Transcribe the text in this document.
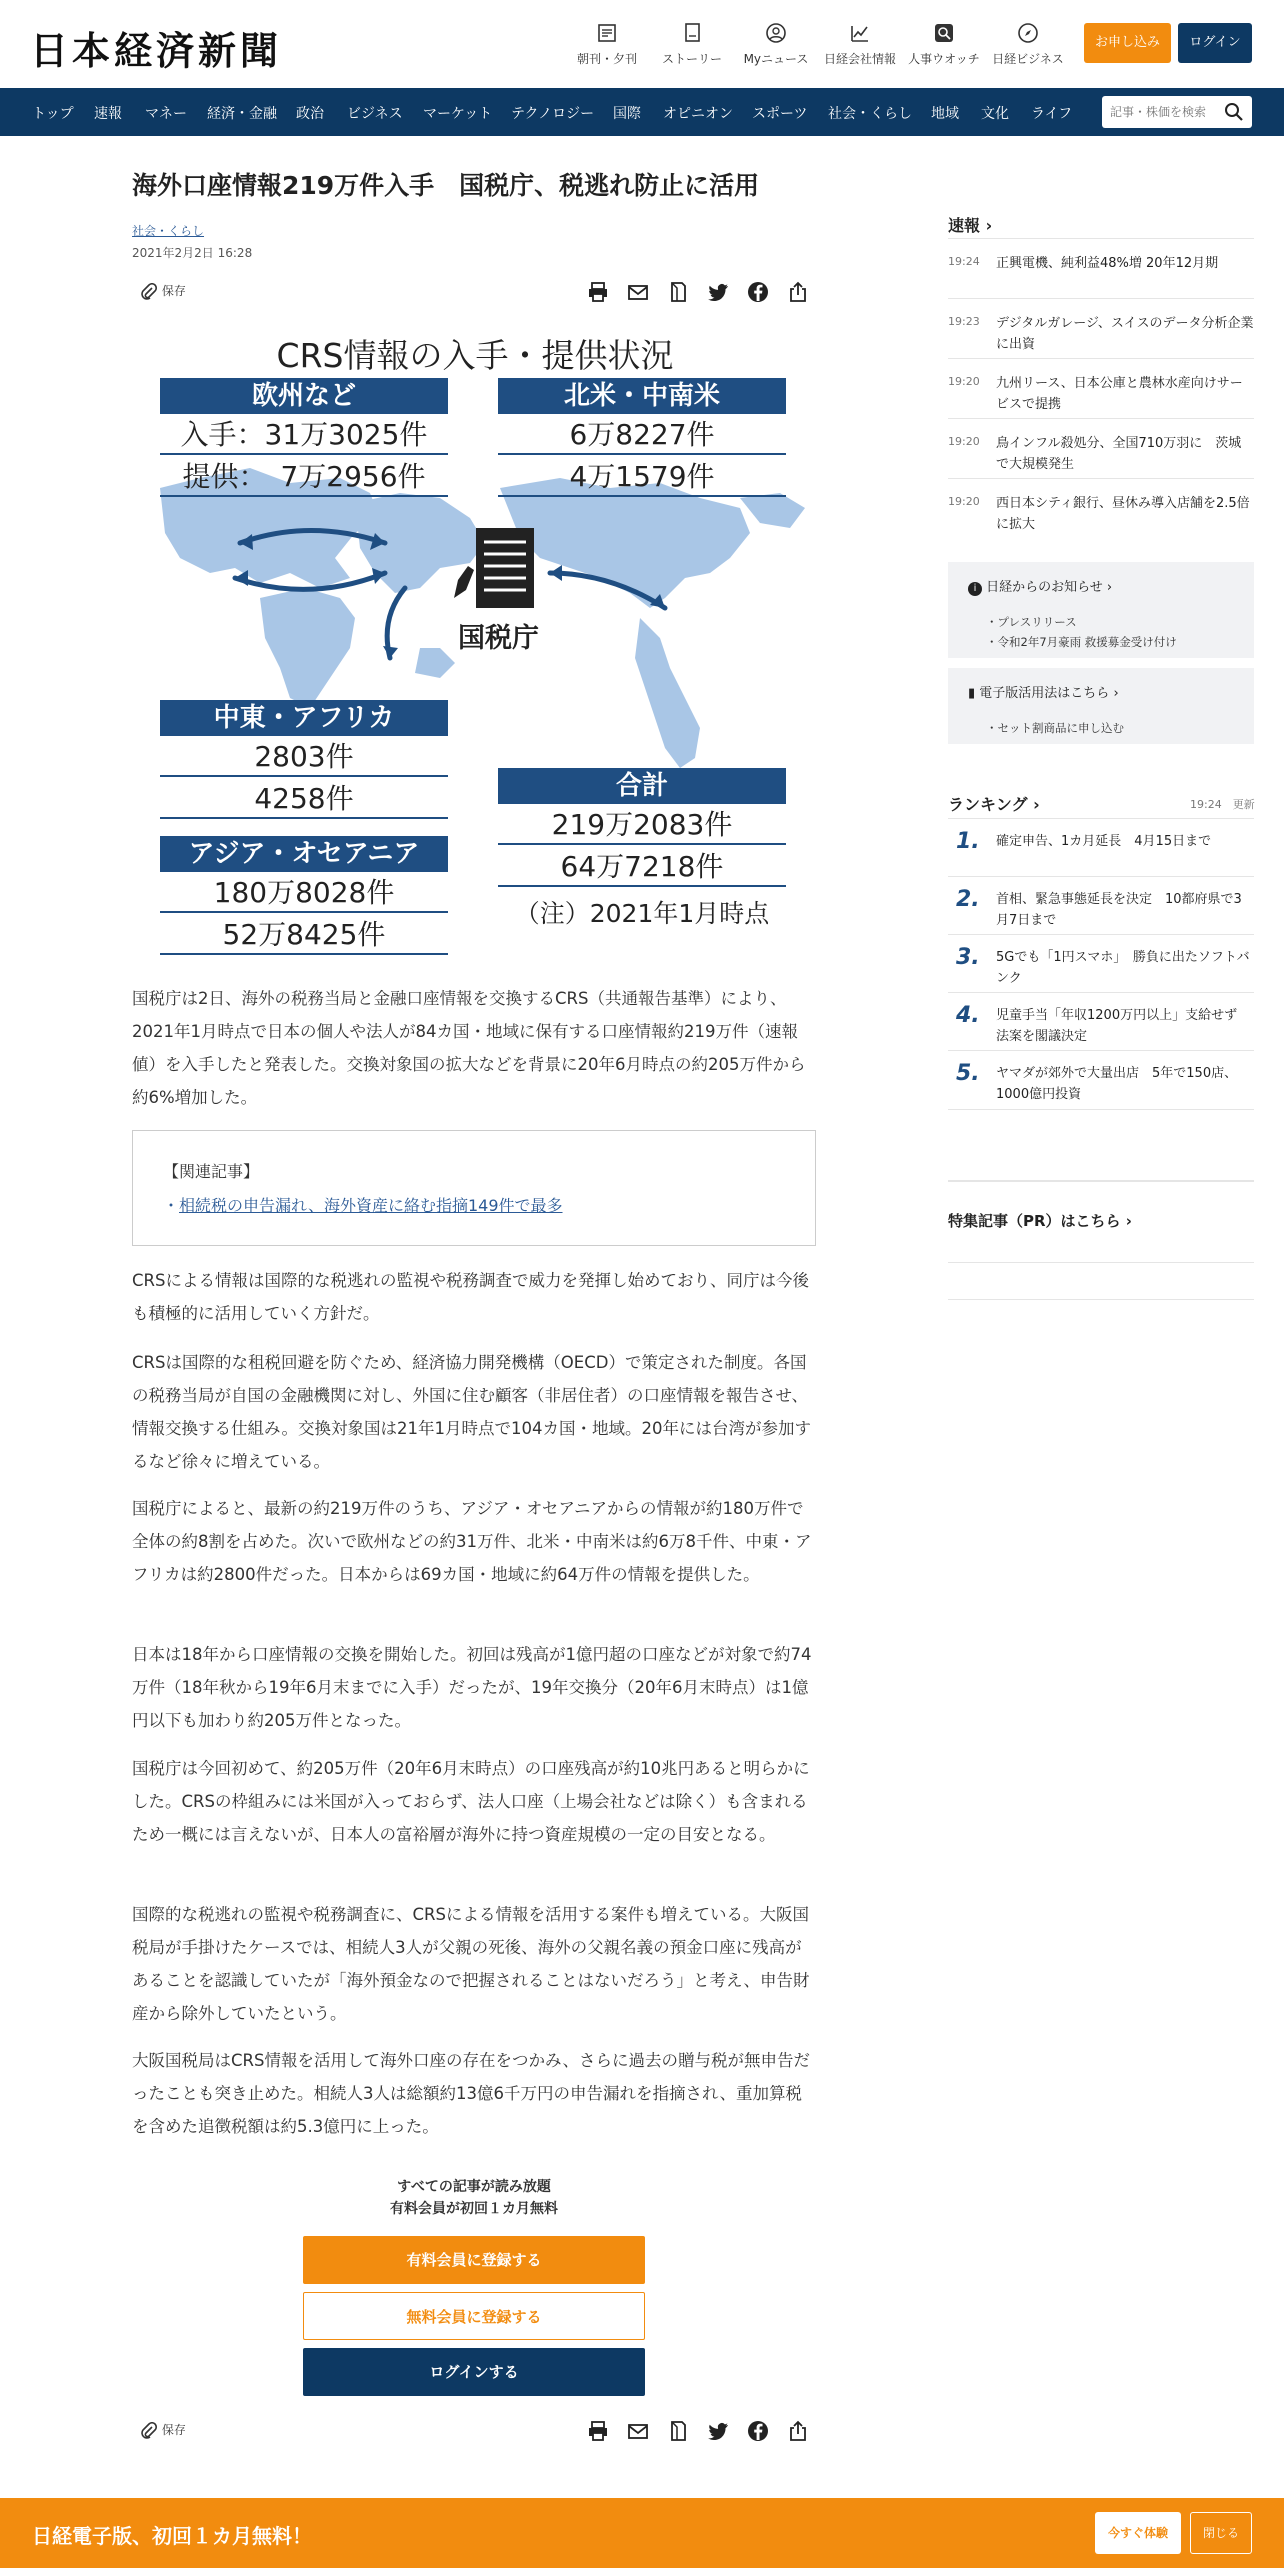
日本経済新聞	朝刊・夕刊	ストーリー	Myニュース	日経会社情報	人事ウオッチ	日経ビジネス
お申し込み	ログイン
トップ 速報 マネー 経済・金融 政治 ビジネス マーケット テクノロジー 国際 オピニオン スポーツ 社会・くらし 地域 文化 ライフ
記事・株価を検索
海外口座情報219万件入手　国税庁、税逃れ防止に活用
社会・くらし
2021年2月2日 16:28
保存
CRS情報の入手・提供状況
欧州など
入手：31万3025件
提供：　7万2956件
北米・中南米
6万8227件
4万1579件
国税庁
中東・アフリカ
2803件
4258件
アジア・オセアニア
180万8028件
52万8425件
合計
219万2083件
64万7218件
（注）2021年1月時点

国税庁は2日、海外の税務当局と金融口座情報を交換するCRS（共通報告基準）により、2021年1月時点で日本の個人や法人が84カ国・地域に保有する口座情報約219万件（速報値）を入手したと発表した。交換対象国の拡大などを背景に20年6月時点の約205万件から約6%増加した。

【関連記事】
・相続税の申告漏れ、海外資産に絡む指摘149件で最多

CRSによる情報は国際的な税逃れの監視や税務調査で威力を発揮し始めており、同庁は今後も積極的に活用していく方針だ。

CRSは国際的な租税回避を防ぐため、経済協力開発機構（OECD）で策定された制度。各国の税務当局が自国の金融機関に対し、外国に住む顧客（非居住者）の口座情報を報告させ、情報交換する仕組み。交換対象国は21年1月時点で104カ国・地域。20年には台湾が参加するなど徐々に増えている。

国税庁によると、最新の約219万件のうち、アジア・オセアニアからの情報が約180万件で全体の約8割を占めた。次いで欧州などの約31万件、北米・中南米は約6万8千件、中東・アフリカは約2800件だった。日本からは69カ国・地域に約64万件の情報を提供した。

日本は18年から口座情報の交換を開始した。初回は残高が1億円超の口座などが対象で約74万件（18年秋から19年6月末までに入手）だったが、19年交換分（20年6月末時点）は1億円以下も加わり約205万件となった。

国税庁は今回初めて、約205万件（20年6月末時点）の口座残高が約10兆円あると明らかにした。CRSの枠組みには米国が入っておらず、法人口座（上場会社などは除く）も含まれるため一概には言えないが、日本人の富裕層が海外に持つ資産規模の一定の目安となる。

国際的な税逃れの監視や税務調査に、CRSによる情報を活用する案件も増えている。大阪国税局が手掛けたケースでは、相続人3人が父親の死後、海外の父親名義の預金口座に残高があることを認識していたが「海外預金なので把握されることはないだろう」と考え、申告財産から除外していたという。

大阪国税局はCRS情報を活用して海外口座の存在をつかみ、さらに過去の贈与税が無申告だったことも突き止めた。相続人3人は総額約13億6千万円の申告漏れを指摘され、重加算税を含めた追徴税額は約5.3億円に上った。

すべての記事が読み放題
有料会員が初回１カ月無料
有料会員に登録する
無料会員に登録する
ログインする
保存
速報 ›
19:24 正興電機、純利益48%増 20年12月期
19:23 デジタルガレージ、スイスのデータ分析企業に出資
19:20 九州リース、日本公庫と農林水産向けサービスで提携
19:20 鳥インフル殺処分、全国710万羽に　茨城で大規模発生
19:20 西日本シティ銀行、昼休み導入店舗を2.5倍に拡大
i 日経からのお知らせ ›
・プレスリリース
・令和2年7月豪雨 救援募金受け付け
▮ 電子版活用法はこちら ›
・セット割商品に申し込む
ランキング ›	19:24　更新
1. 確定申告、1カ月延長　4月15日まで
2. 首相、緊急事態延長を決定　10都府県で3月7日まで
3. 5Gでも「1円スマホ」　勝負に出たソフトバンク
4. 児童手当「年収1200万円以上」支給せず　法案を閣議決定
5. ヤマダが郊外で大量出店　5年で150店、1000億円投資
特集記事（PR）はこちら ›
日経電子版、初回１カ月無料！	今すぐ体験	閉じる
